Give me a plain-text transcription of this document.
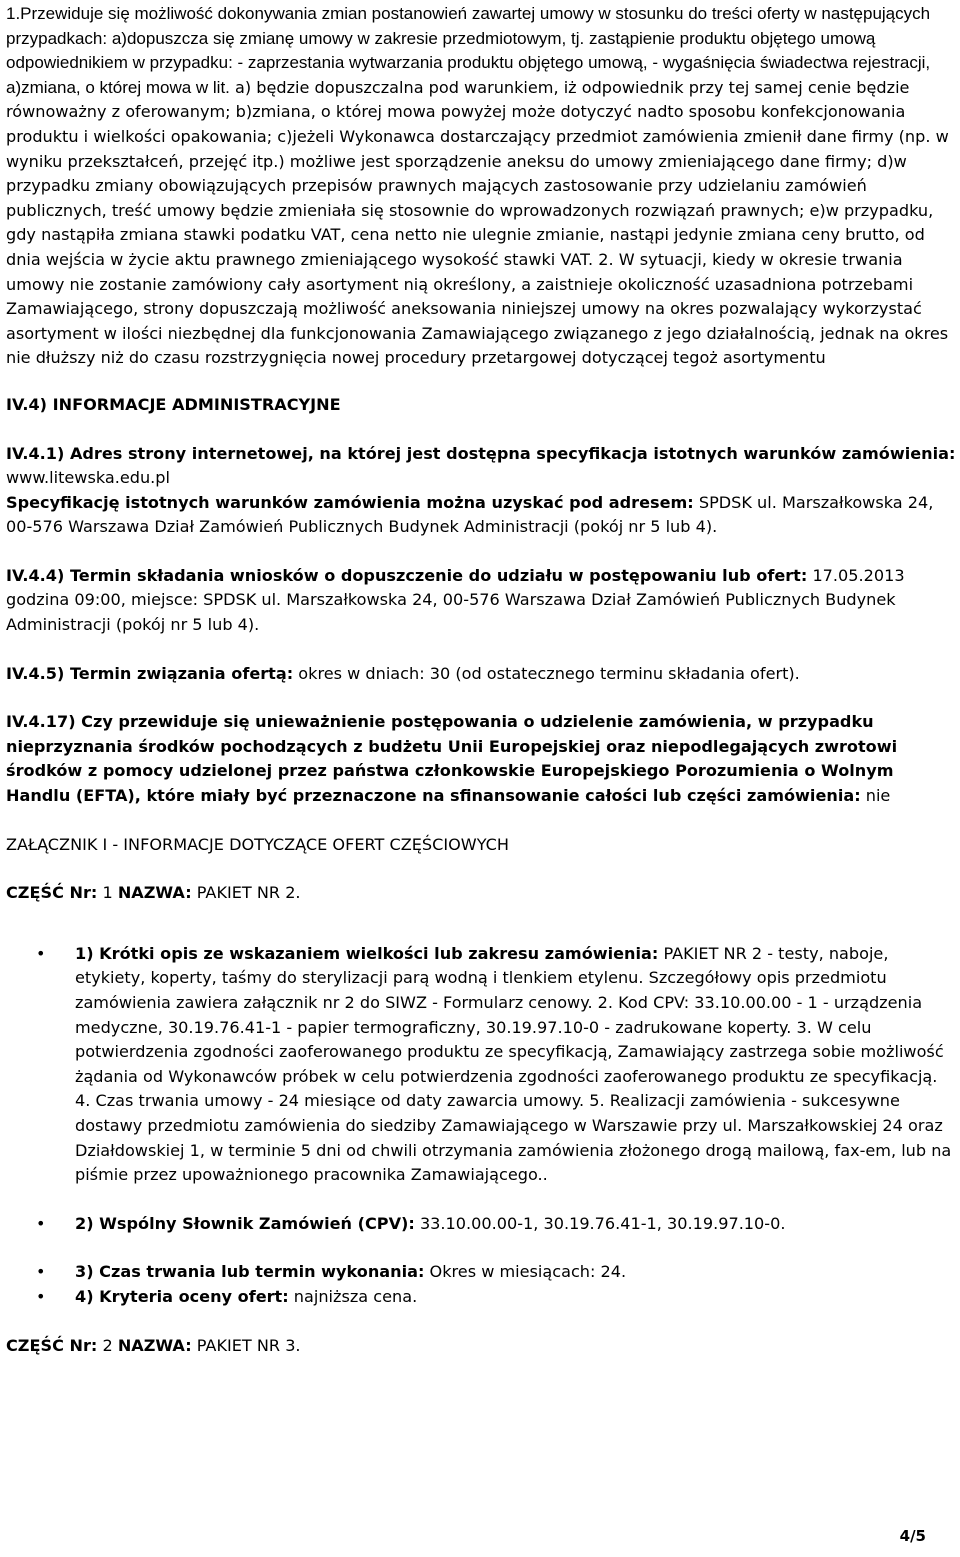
1.Przewiduje się możliwość dokonywania zmian postanowień zawartej umowy w stosunku do treści oferty w następujących przypadkach: a)dopuszcza się zmianę umowy w zakresie przedmiotowym, tj. zastąpienie produktu objętego umową odpowiednikiem w przypadku: - zaprzestania wytwarzania produktu objętego umową, - wygaśnięcia świadectwa rejestracji, a)zmiana, o której mowa w lit. a) będzie dopuszczalna pod warunkiem, iż odpowiednik przy tej samej cenie będzie równoważny z oferowanym; b)zmiana, o której mowa powyżej może dotyczyć nadto sposobu konfekcjonowania produktu i wielkości opakowania; c)jeżeli Wykonawca dostarczający przedmiot zamówienia zmienił dane firmy (np. w wyniku przekształceń, przejęć itp.) możliwe jest sporządzenie aneksu do umowy zmieniającego dane firmy; d)w przypadku zmiany obowiązujących przepisów prawnych mających zastosowanie przy udzielaniu zamówień publicznych, treść umowy będzie zmieniała się stosownie do wprowadzonych rozwiązań prawnych; e)w przypadku, gdy nastąpiła zmiana stawki podatku VAT, cena netto nie ulegnie zmianie, nastąpi jedynie zmiana ceny brutto, od dnia wejścia w życie aktu prawnego zmieniającego wysokość stawki VAT. 2. W sytuacji, kiedy w okresie trwania umowy nie zostanie zamówiony cały asortyment nią określony, a zaistnieje okoliczność uzasadniona potrzebami Zamawiającego, strony dopuszczają możliwość aneksowania niniejszej umowy na okres pozwalający wykorzystać asortyment w ilości niezbędnej dla funkcjonowania Zamawiającego związanego z jego działalnością, jednak na okres nie dłuższy niż do czasu rozstrzygnięcia nowej procedury przetargowej dotyczącej tegoż asortymentu

IV.4) INFORMACJE ADMINISTRACYJNE

IV.4.1) Adres strony internetowej, na której jest dostępna specyfikacja istotnych warunków zamówienia: www.litewska.edu.pl

Specyfikację istotnych warunków zamówienia można uzyskać pod adresem: SPDSK ul. Marszałkowska 24, 00-576 Warszawa Dział Zamówień Publicznych Budynek Administracji (pokój nr 5 lub 4).

IV.4.4) Termin składania wniosków o dopuszczenie do udziału w postępowaniu lub ofert: 17.05.2013 godzina 09:00, miejsce: SPDSK ul. Marszałkowska 24, 00-576 Warszawa Dział Zamówień Publicznych Budynek Administracji (pokój nr 5 lub 4).

IV.4.5) Termin związania ofertą: okres w dniach: 30 (od ostatecznego terminu składania ofert).

IV.4.17) Czy przewiduje się unieważnienie postępowania o udzielenie zamówienia, w przypadku nieprzyznania środków pochodzących z budżetu Unii Europejskiej oraz niepodlegających zwrotowi środków z pomocy udzielonej przez państwa członkowskie Europejskiego Porozumienia o Wolnym Handlu (EFTA), które miały być przeznaczone na sfinansowanie całości lub części zamówienia: nie

ZAŁĄCZNIK I - INFORMACJE DOTYCZĄCE OFERT CZĘŚCIOWYCH

CZĘŚĆ Nr: 1 NAZWA: PAKIET NR 2.

• 1) Krótki opis ze wskazaniem wielkości lub zakresu zamówienia: PAKIET NR 2 - testy, naboje, etykiety, koperty, taśmy do sterylizacji parą wodną i tlenkiem etylenu. Szczegółowy opis przedmiotu zamówienia zawiera załącznik nr 2 do SIWZ - Formularz cenowy. 2. Kod CPV: 33.10.00.00 - 1 - urządzenia medyczne, 30.19.76.41-1 - papier termograficzny, 30.19.97.10-0 - zadrukowane koperty. 3. W celu potwierdzenia zgodności zaoferowanego produktu ze specyfikacją, Zamawiający zastrzega sobie możliwość żądania od Wykonawców próbek w celu potwierdzenia zgodności zaoferowanego produktu ze specyfikacją. 4. Czas trwania umowy - 24 miesiące od daty zawarcia umowy. 5. Realizacji zamówienia - sukcesywne dostawy przedmiotu zamówienia do siedziby Zamawiającego w Warszawie przy ul. Marszałkowskiej 24 oraz Działdowskiej 1, w terminie 5 dni od chwili otrzymania zamówienia złożonego drogą mailową, fax-em, lub na piśmie przez upoważnionego pracownika Zamawiającego..
• 2) Wspólny Słownik Zamówień (CPV): 33.10.00.00-1, 30.19.76.41-1, 30.19.97.10-0.
• 3) Czas trwania lub termin wykonania: Okres w miesiącach: 24.
• 4) Kryteria oceny ofert: najniższa cena.

CZĘŚĆ Nr: 2 NAZWA: PAKIET NR 3.

4/5
